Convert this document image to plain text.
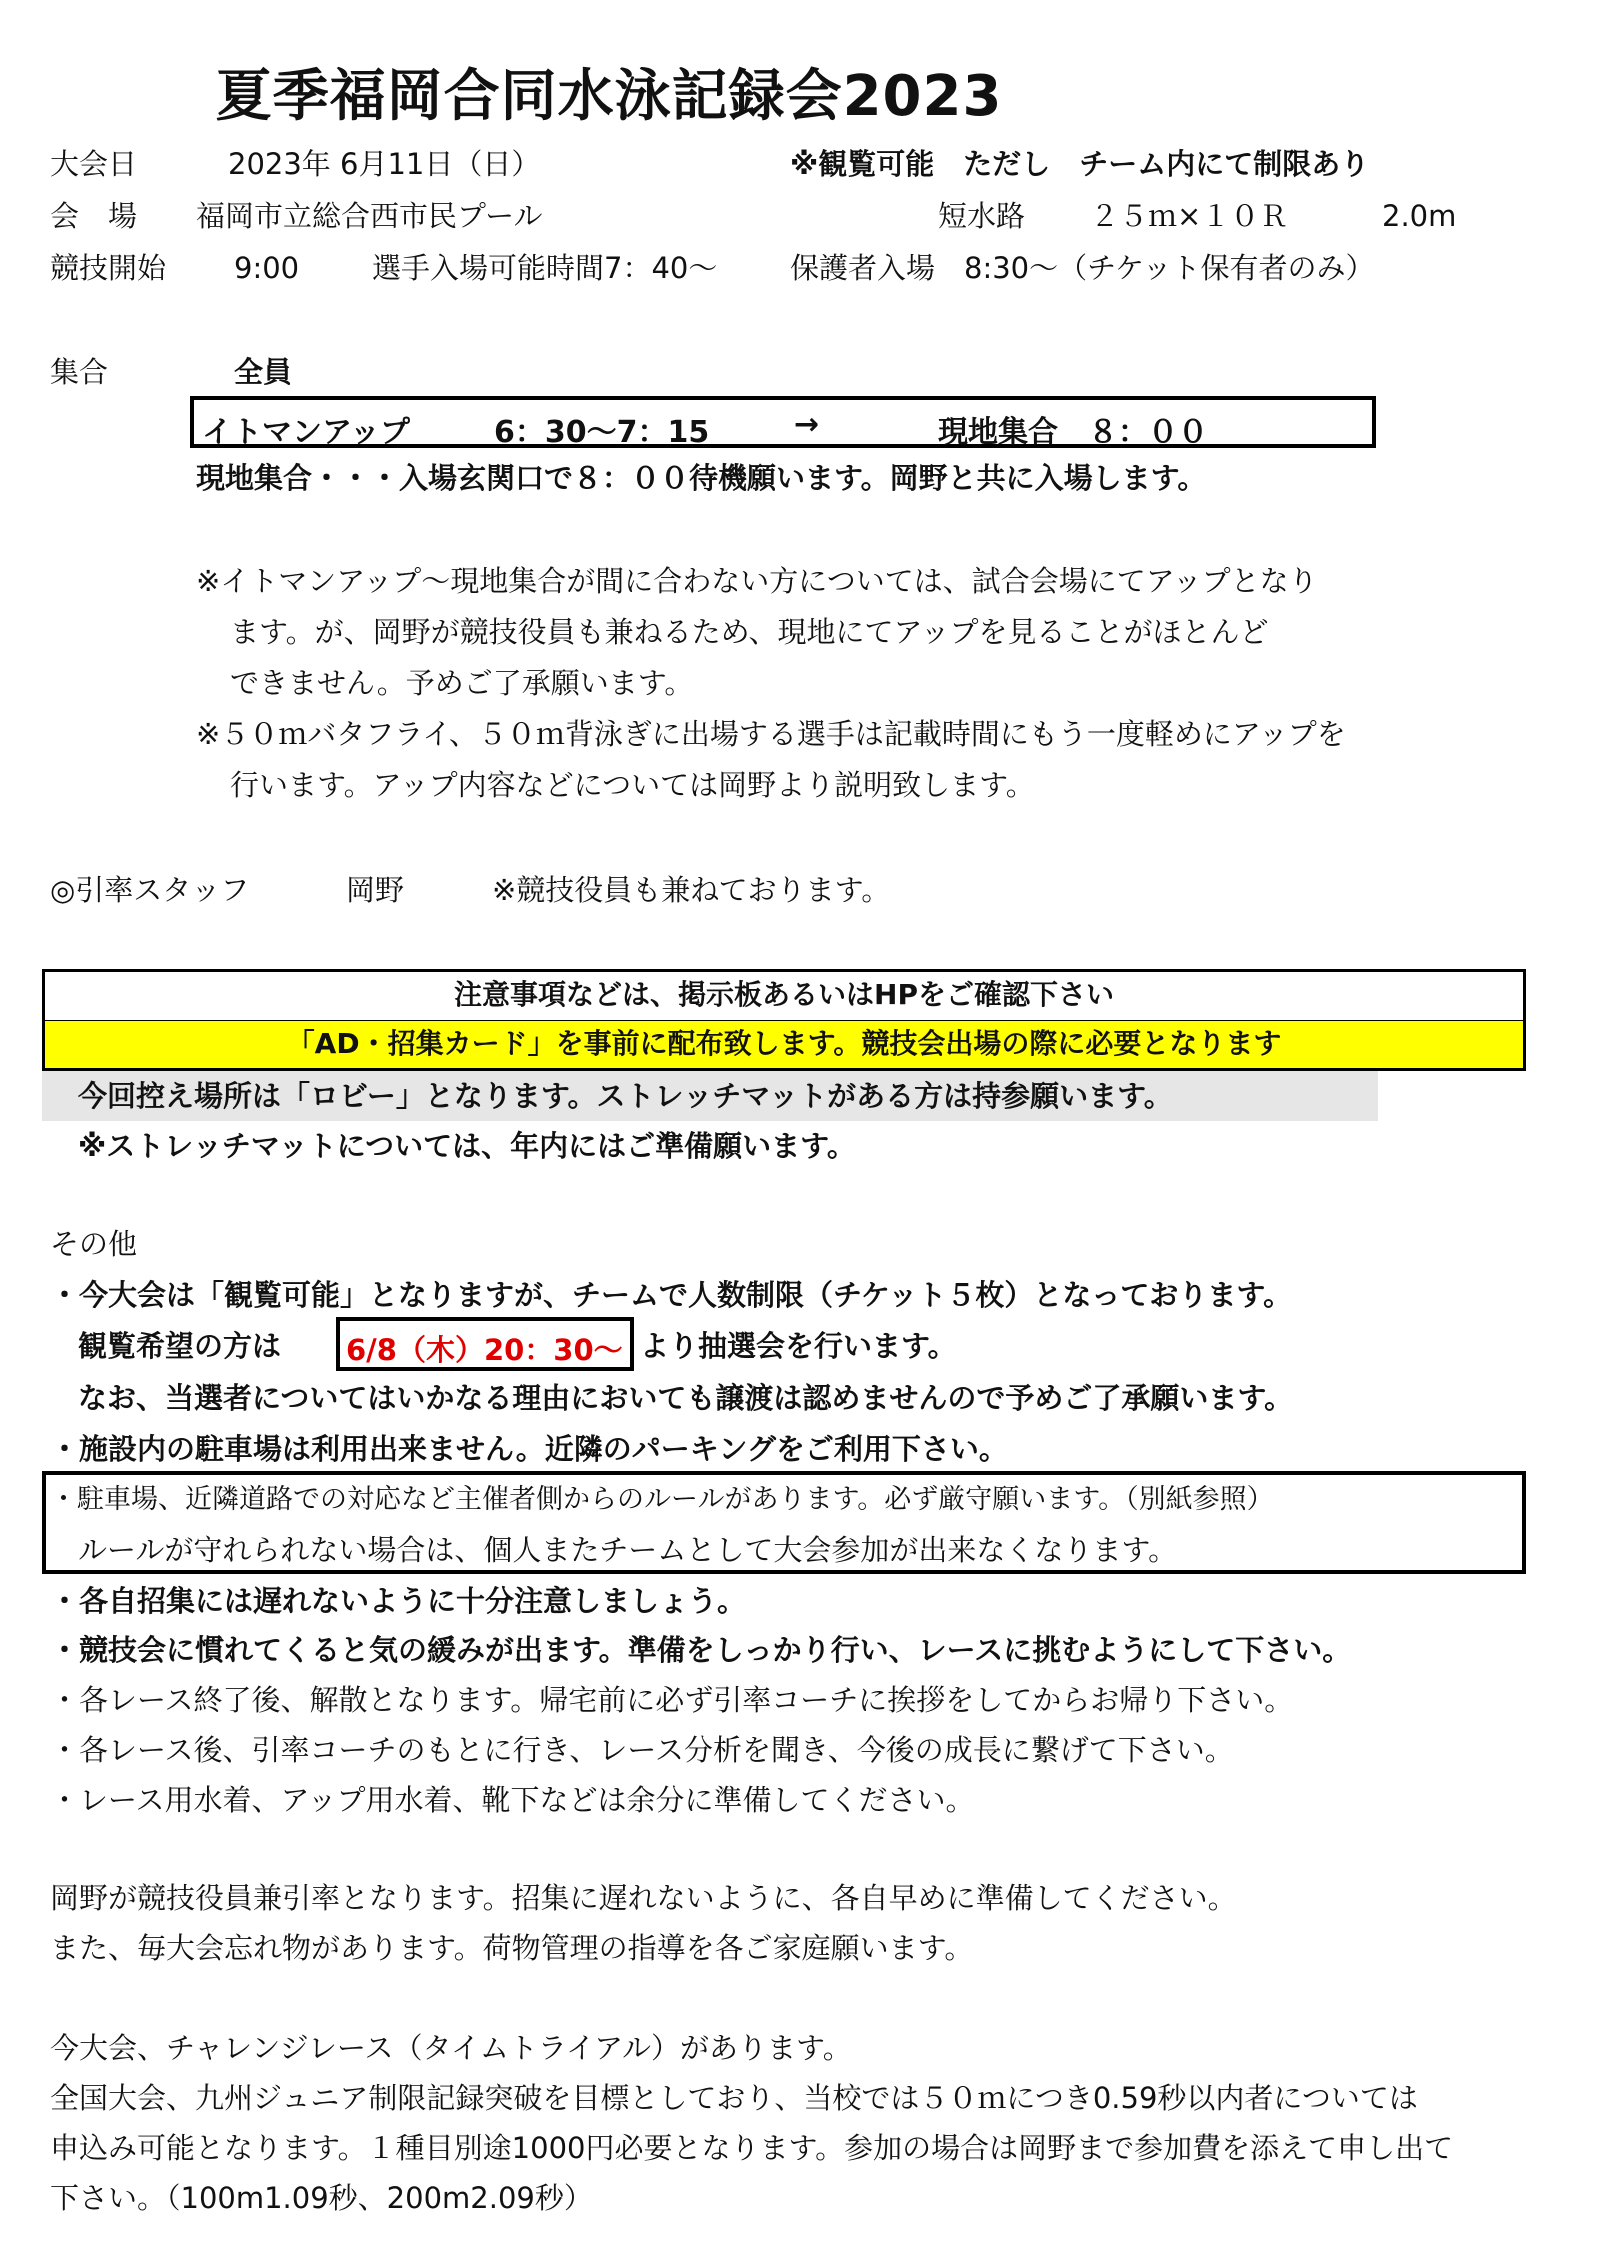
夏季福岡合同水泳記録会2023
大会日	2023年 6月11日（日）	※観覧可能　ただし　チーム内にて制限あり
会　場 福岡市立総合西市民プール	短水路 ２５ｍ×１０Ｒ	2.0m
競技開始 9:00	選手入場可能時間7：40～	保護者入場　8:30～（チケット保有者のみ）
集合	全員
イトマンアップ	6：30～7：15	→	現地集合　８：００
現地集合・・・入場玄関口で８：００待機願います。岡野と共に入場します。
※イトマンアップ～現地集合が間に合わない方については、試合会場にてアップとなり
ます。が、岡野が競技役員も兼ねるため、現地にてアップを見ることがほとんど
できません。予めご了承願います。
※５０ｍバタフライ、５０ｍ背泳ぎに出場する選手は記載時間にもう一度軽めにアップを
行います。アップ内容などについては岡野より説明致します。
◎引率スタッフ	岡野	※競技役員も兼ねております。
注意事項などは、掲示板あるいはHPをご確認下さい
「AD・招集カード」を事前に配布致します。競技会出場の際に必要となります
今回控え場所は「ロビー」となります。ストレッチマットがある方は持参願います。
※ストレッチマットについては、年内にはご準備願います。
その他
・今大会は「観覧可能」となりますが、チームで人数制限（チケット５枚）となっております。
観覧希望の方は 6/8（木）20：30～ より抽選会を行います。
なお、当選者についてはいかなる理由においても譲渡は認めませんので予めご了承願います。
・施設内の駐車場は利用出来ません。近隣のパーキングをご利用下さい。
・駐車場、近隣道路での対応など主催者側からのルールがあります。必ず厳守願います。（別紙参照）
ルールが守れられない場合は、個人またチームとして大会参加が出来なくなります。
・各自招集には遅れないように十分注意しましょう。
・競技会に慣れてくると気の緩みが出ます。準備をしっかり行い、レースに挑むようにして下さい。
・各レース終了後、解散となります。帰宅前に必ず引率コーチに挨拶をしてからお帰り下さい。
・各レース後、引率コーチのもとに行き、レース分析を聞き、今後の成長に繋げて下さい。
・レース用水着、アップ用水着、靴下などは余分に準備してください。
岡野が競技役員兼引率となります。招集に遅れないように、各自早めに準備してください。
また、毎大会忘れ物があります。荷物管理の指導を各ご家庭願います。
今大会、チャレンジレース（タイムトライアル）があります。
全国大会、九州ジュニア制限記録突破を目標としており、当校では５０ｍにつき0.59秒以内者については
申込み可能となります。１種目別途1000円必要となります。参加の場合は岡野まで参加費を添えて申し出て
下さい。（100m1.09秒、200m2.09秒）
